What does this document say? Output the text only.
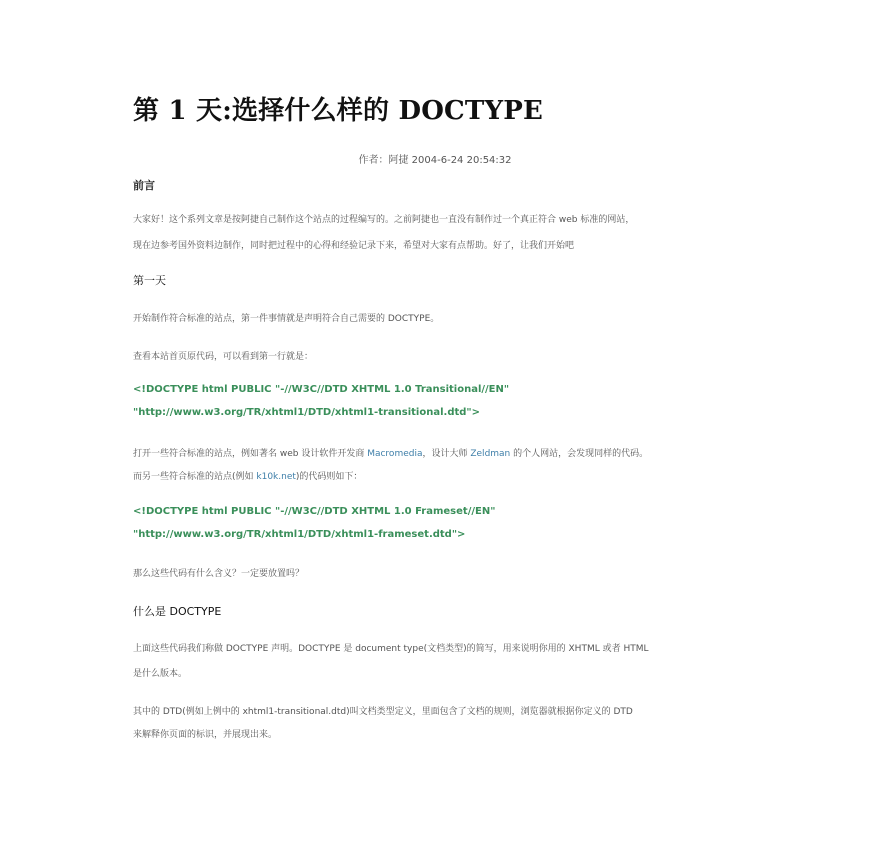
第 1 天:选择什么样的 DOCTYPE
作者：阿捷 2004-6-24 20:54:32
前言
大家好！这个系列文章是按阿捷自己制作这个站点的过程编写的。之前阿捷也一直没有制作过一个真正符合 web 标准的网站，
现在边参考国外资料边制作，同时把过程中的心得和经验记录下来，希望对大家有点帮助。好了，让我们开始吧
第一天
开始制作符合标准的站点，第一件事情就是声明符合自己需要的 DOCTYPE。
查看本站首页原代码，可以看到第一行就是：
<!DOCTYPE html PUBLIC "-//W3C//DTD XHTML 1.0 Transitional//EN"
"http://www.w3.org/TR/xhtml1/DTD/xhtml1-transitional.dtd">
打开一些符合标准的站点，例如著名 web 设计软件开发商 Macromedia，设计大师 Zeldman 的个人网站，会发现同样的代码。
而另一些符合标准的站点(例如 k10k.net)的代码则如下：
<!DOCTYPE html PUBLIC "-//W3C//DTD XHTML 1.0 Frameset//EN"
"http://www.w3.org/TR/xhtml1/DTD/xhtml1-frameset.dtd">
那么这些代码有什么含义？一定要放置吗？
什么是 DOCTYPE
上面这些代码我们称做 DOCTYPE 声明。DOCTYPE 是 document type(文档类型)的简写，用来说明你用的 XHTML 或者 HTML
是什么版本。
其中的 DTD(例如上例中的 xhtml1-transitional.dtd)叫文档类型定义，里面包含了文档的规则，浏览器就根据你定义的 DTD
来解释你页面的标识，并展现出来。
